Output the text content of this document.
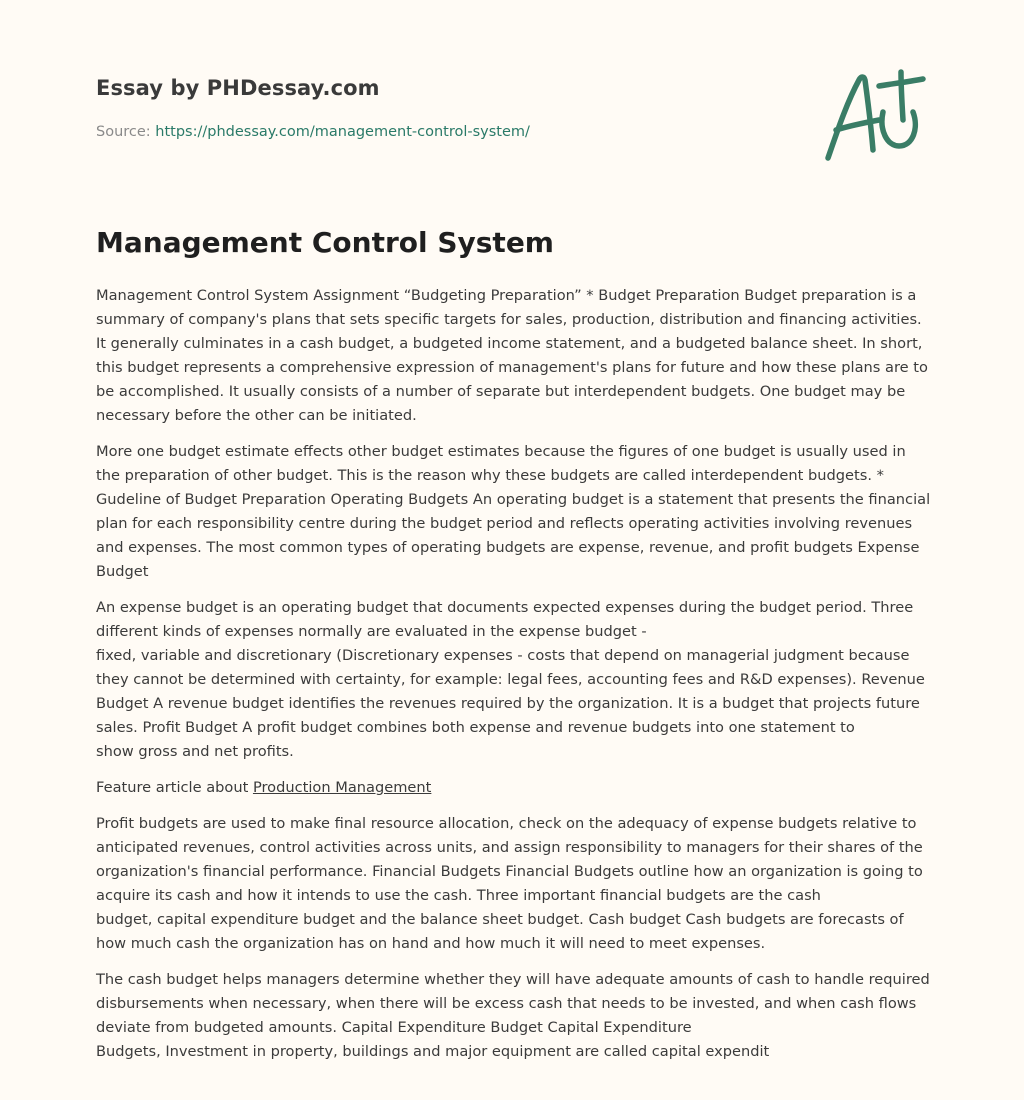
Essay by PHDessay.com
Source: https://phdessay.com/management-control-system/
Management Control System

Management Control System Assignment “Budgeting Preparation” * Budget Preparation Budget preparation is a summary of company's plans that sets specific targets for sales, production, distribution and financing activities. It generally culminates in a cash budget, a budgeted income statement, and a budgeted balance sheet. In short, this budget represents a comprehensive expression of management's plans for future and how these plans are to be accomplished. It usually consists of a number of separate but interdependent budgets. One budget may be necessary before the other can be initiated.

More one budget estimate effects other budget estimates because the figures of one budget is usually used in the preparation of other budget. This is the reason why these budgets are called interdependent budgets. * Gudeline of Budget Preparation Operating Budgets An operating budget is a statement that presents the financial plan for each responsibility centre during the budget period and reflects operating activities involving revenues and expenses. The most common types of operating budgets are expense, revenue, and profit budgets Expense Budget

An expense budget is an operating budget that documents expected expenses during the budget period. Three different kinds of expenses normally are evaluated in the expense budget -

fixed, variable and discretionary (Discretionary expenses - costs that depend on managerial judgment because they cannot be determined with certainty, for example: legal fees, accounting fees and R&D expenses). Revenue Budget A revenue budget identifies the revenues required by the organization. It is a budget that projects future sales. Profit Budget A profit budget combines both expense and revenue budgets into one statement to

show gross and net profits.

Feature article about Production Management

Profit budgets are used to make final resource allocation, check on the adequacy of expense budgets relative to anticipated revenues, control activities across units, and assign responsibility to managers for their shares of the organization's financial performance. Financial Budgets Financial Budgets outline how an organization is going to acquire its cash and how it intends to use the cash. Three important financial budgets are the cash

budget, capital expenditure budget and the balance sheet budget. Cash budget Cash budgets are forecasts of how much cash the organization has on hand and how much it will need to meet expenses.

The cash budget helps managers determine whether they will have adequate amounts of cash to handle required disbursements when necessary, when there will be excess cash that needs to be invested, and when cash flows deviate from budgeted amounts. Capital Expenditure Budget Capital Expenditure

Budgets, Investment in property, buildings and major equipment are called capital expendit
